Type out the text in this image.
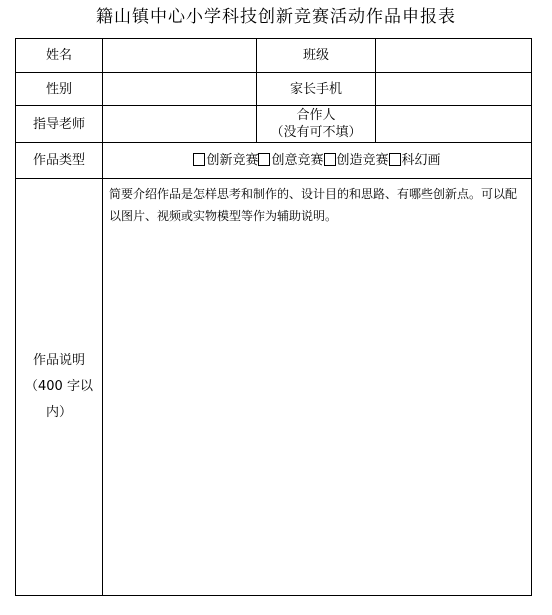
籍山镇中心小学科技创新竞赛活动作品申报表
姓名		班级	
性别		家长手机	
指导老师		合作人
（没有可不填）	

作品类型	创新竞赛 创意竞赛 创造竞赛 科幻画		

作品说明
（400 字以
内）	简要介绍作品是怎样思考和制作的、设计目的和思路、有哪些创新点。可以配以图片、视频或实物模型等作为辅助说明。		
